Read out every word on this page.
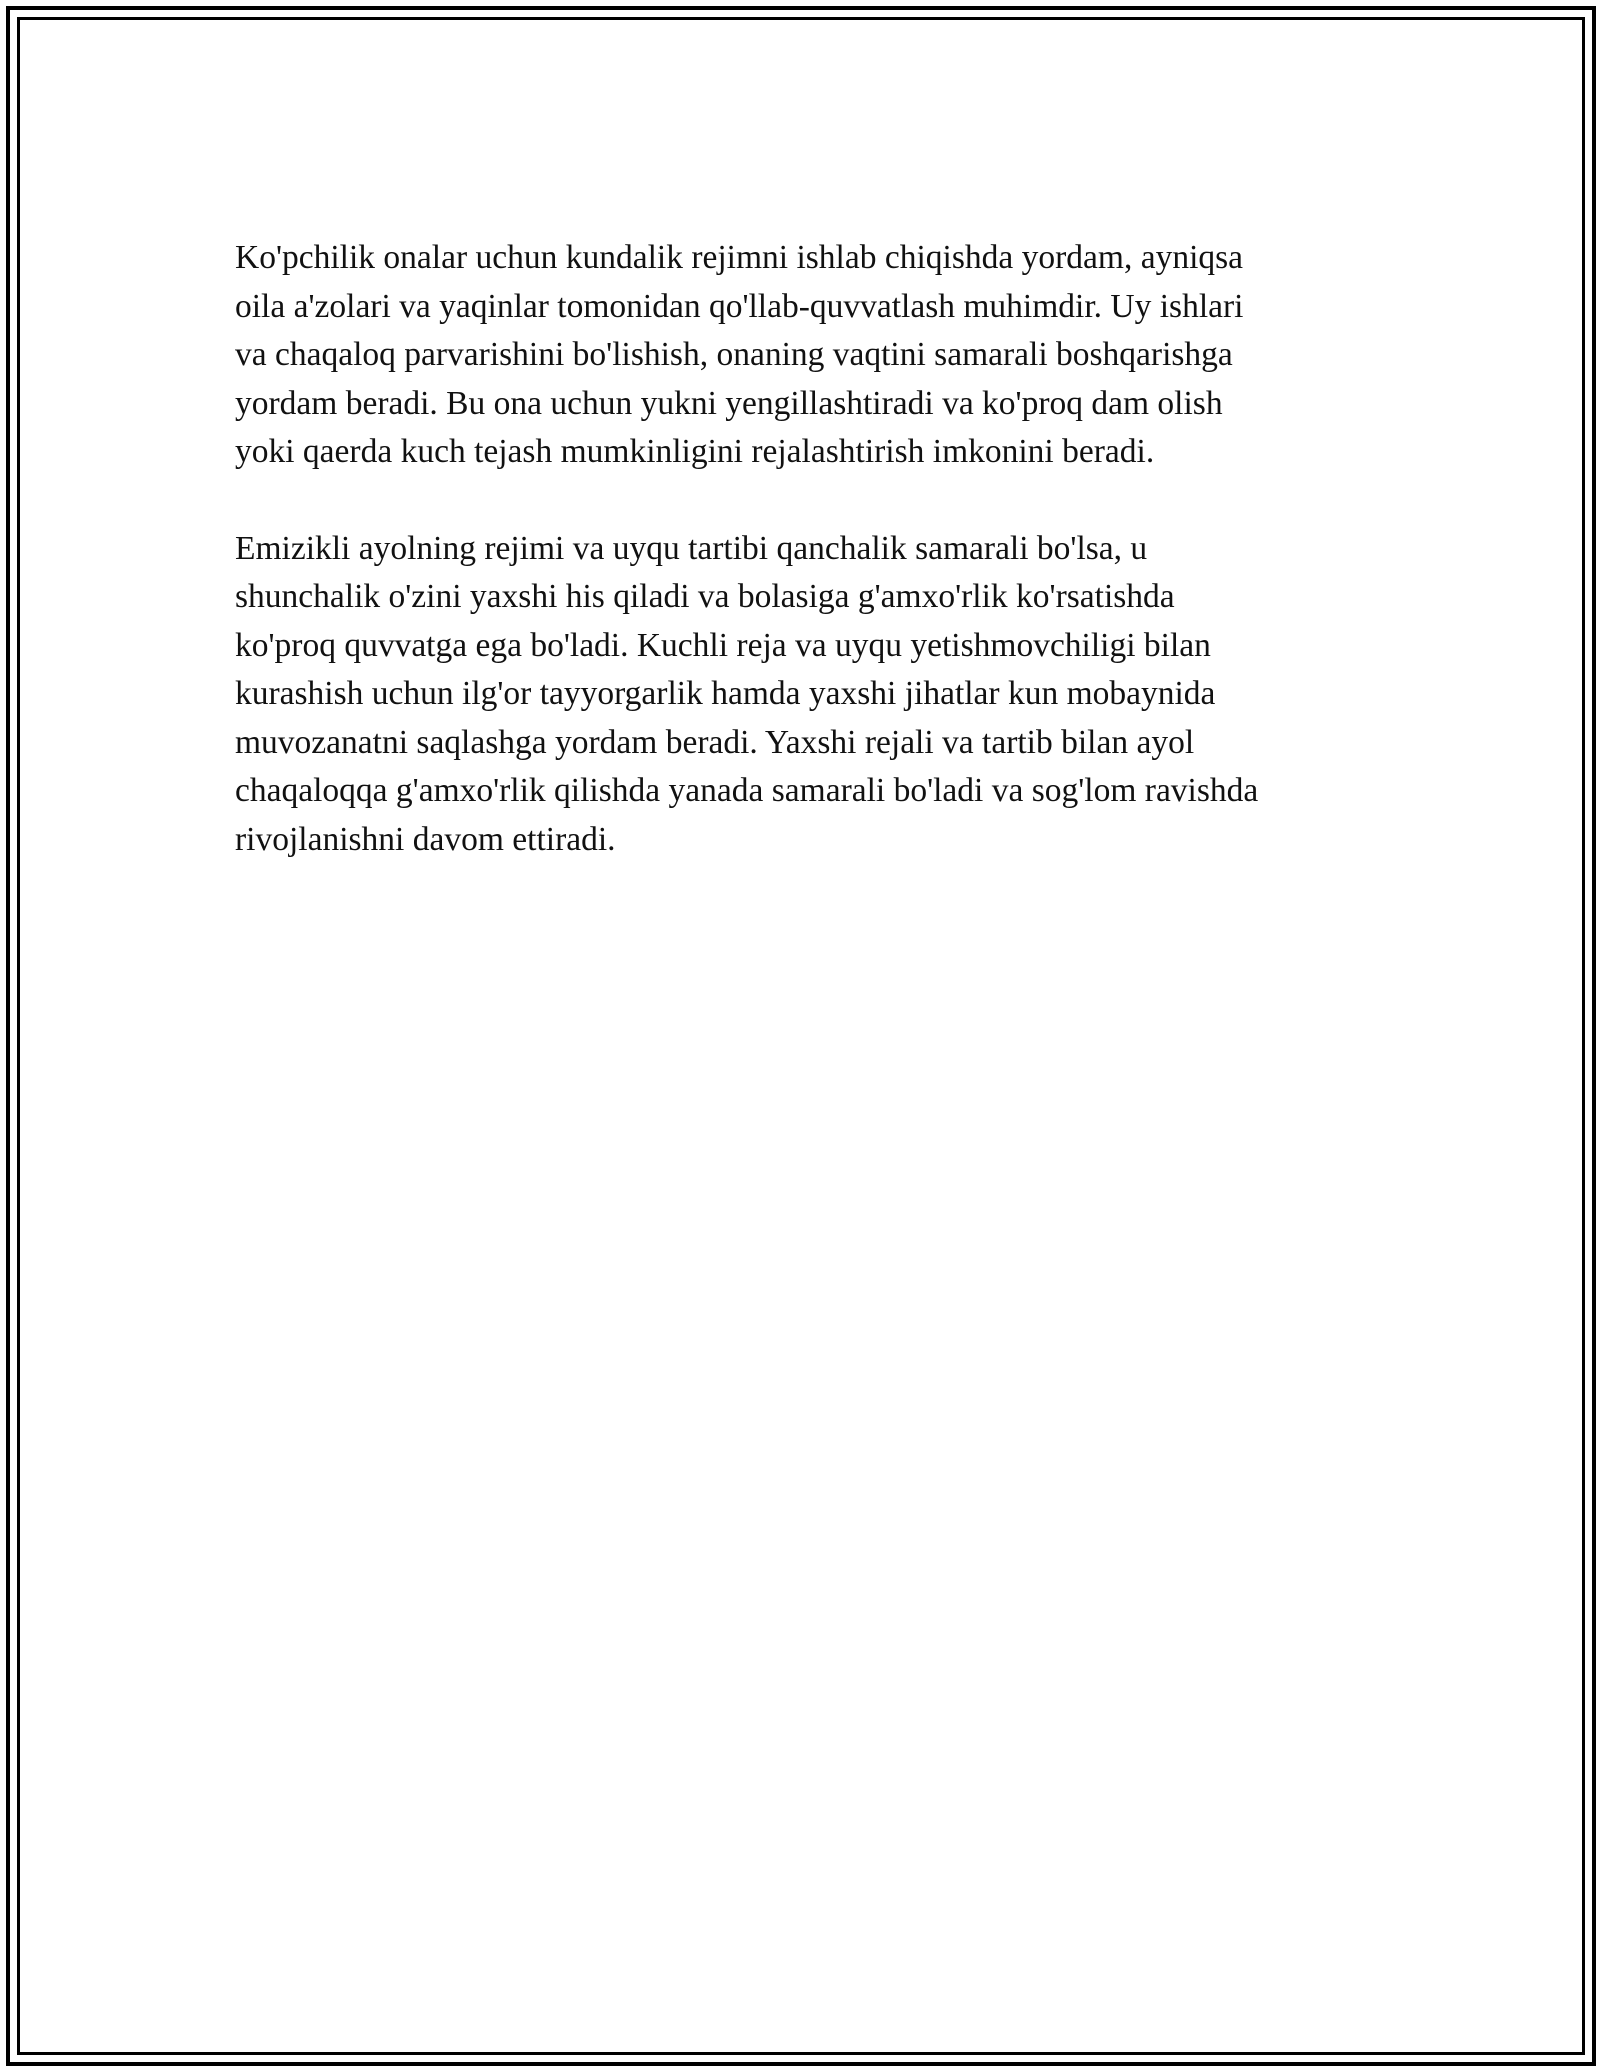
Ko'pchilik onalar uchun kundalik rejimni ishlab chiqishda yordam, ayniqsa
oila a'zolari va yaqinlar tomonidan qo'llab-quvvatlash muhimdir. Uy ishlari
va chaqaloq parvarishini bo'lishish, onaning vaqtini samarali boshqarishga
yordam beradi. Bu ona uchun yukni yengillashtiradi va ko'proq dam olish
yoki qaerda kuch tejash mumkinligini rejalashtirish imkonini beradi.

Emizikli ayolning rejimi va uyqu tartibi qanchalik samarali bo'lsa, u
shunchalik o'zini yaxshi his qiladi va bolasiga g'amxo'rlik ko'rsatishda
ko'proq quvvatga ega bo'ladi. Kuchli reja va uyqu yetishmovchiligi bilan
kurashish uchun ilg'or tayyorgarlik hamda yaxshi jihatlar kun mobaynida
muvozanatni saqlashga yordam beradi. Yaxshi rejali va tartib bilan ayol
chaqaloqqa g'amxo'rlik qilishda yanada samarali bo'ladi va sog'lom ravishda
rivojlanishni davom ettiradi.
